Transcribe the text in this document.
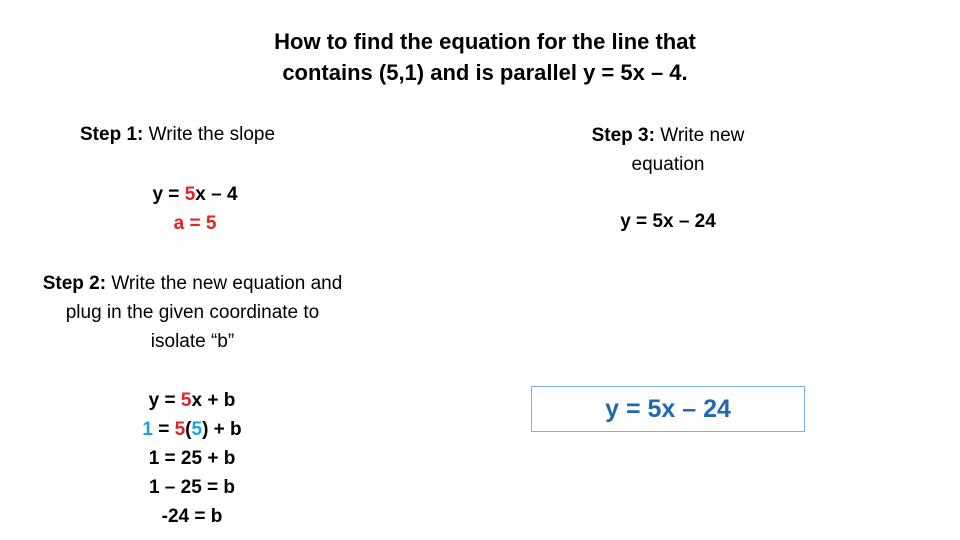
How to find the equation for the line that
contains (5,1) and is parallel y = 5x – 4.
Step 1: Write the slope
y = 5x – 4
a = 5
Step 2: Write the new equation and
plug in the given coordinate to
isolate “b”
y = 5x + b
1 = 5(5) + b
1 = 25 + b
1 – 25 = b
-24 = b
Step 3: Write new
equation
y = 5x – 24
y = 5x – 24
